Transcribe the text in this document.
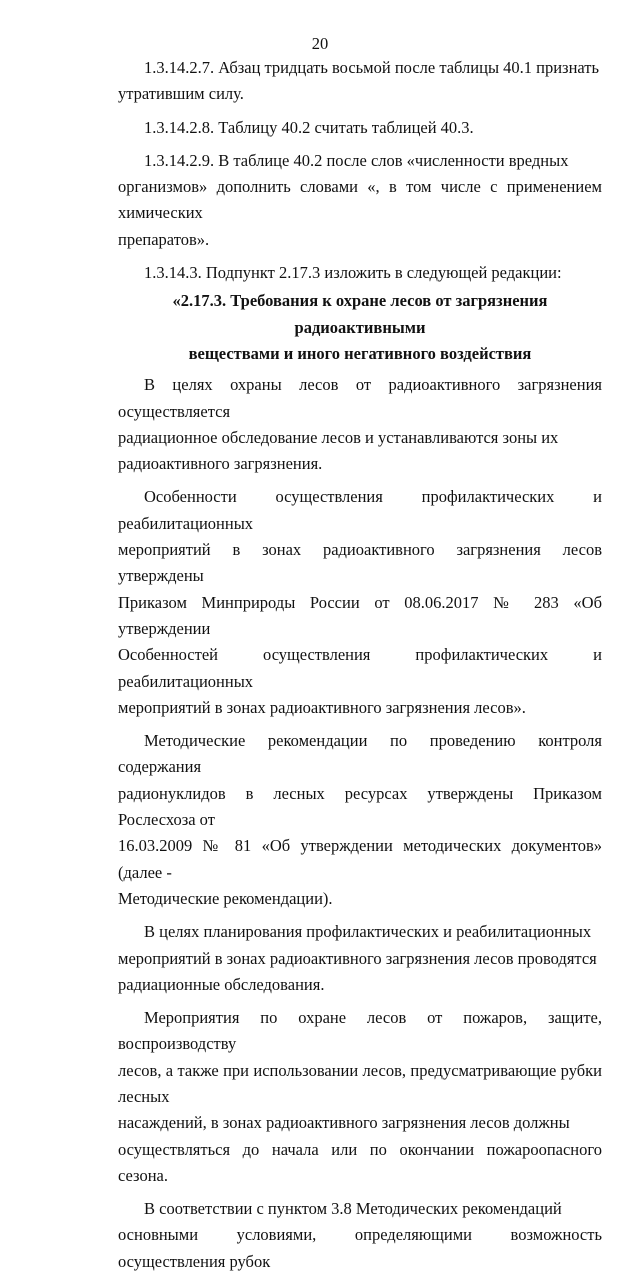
20

1.3.14.2.7. Абзац тридцать восьмой после таблицы 40.1 признать

утратившим силу.

1.3.14.2.8. Таблицу 40.2 считать таблицей 40.3.

1.3.14.2.9. В таблице 40.2 после слов «численности вредных

организмов» дополнить словами «, в том числе с применением химических

препаратов».

1.3.14.3. Подпункт 2.17.3 изложить в следующей редакции:

«2.17.3. Требования к охране лесов от загрязнения радиоактивными

веществами и иного негативного воздействия

В целях охраны лесов от радиоактивного загрязнения осуществляется

радиационное обследование лесов и устанавливаются зоны их

радиоактивного загрязнения.

Особенности осуществления профилактических и реабилитационных

мероприятий в зонах радиоактивного загрязнения лесов утверждены

Приказом Минприроды России от 08.06.2017 № 283 «Об утверждении

Особенностей осуществления профилактических и реабилитационных

мероприятий в зонах радиоактивного загрязнения лесов».

Методические рекомендации по проведению контроля содержания

радионуклидов в лесных ресурсах утверждены Приказом Рослесхоза от

16.03.2009 № 81 «Об утверждении методических документов» (далее -

Методические рекомендации).

В целях планирования профилактических и реабилитационных

мероприятий в зонах радиоактивного загрязнения лесов проводятся

радиационные обследования.

Мероприятия по охране лесов от пожаров, защите, воспроизводству

лесов, а также при использовании лесов, предусматривающие рубки лесных

насаждений, в зонах радиоактивного загрязнения лесов должны

осуществляться до начала или по окончании пожароопасного сезона.

В соответствии с пунктом 3.8 Методических рекомендаций

основными условиями, определяющими возможность осуществления рубок
